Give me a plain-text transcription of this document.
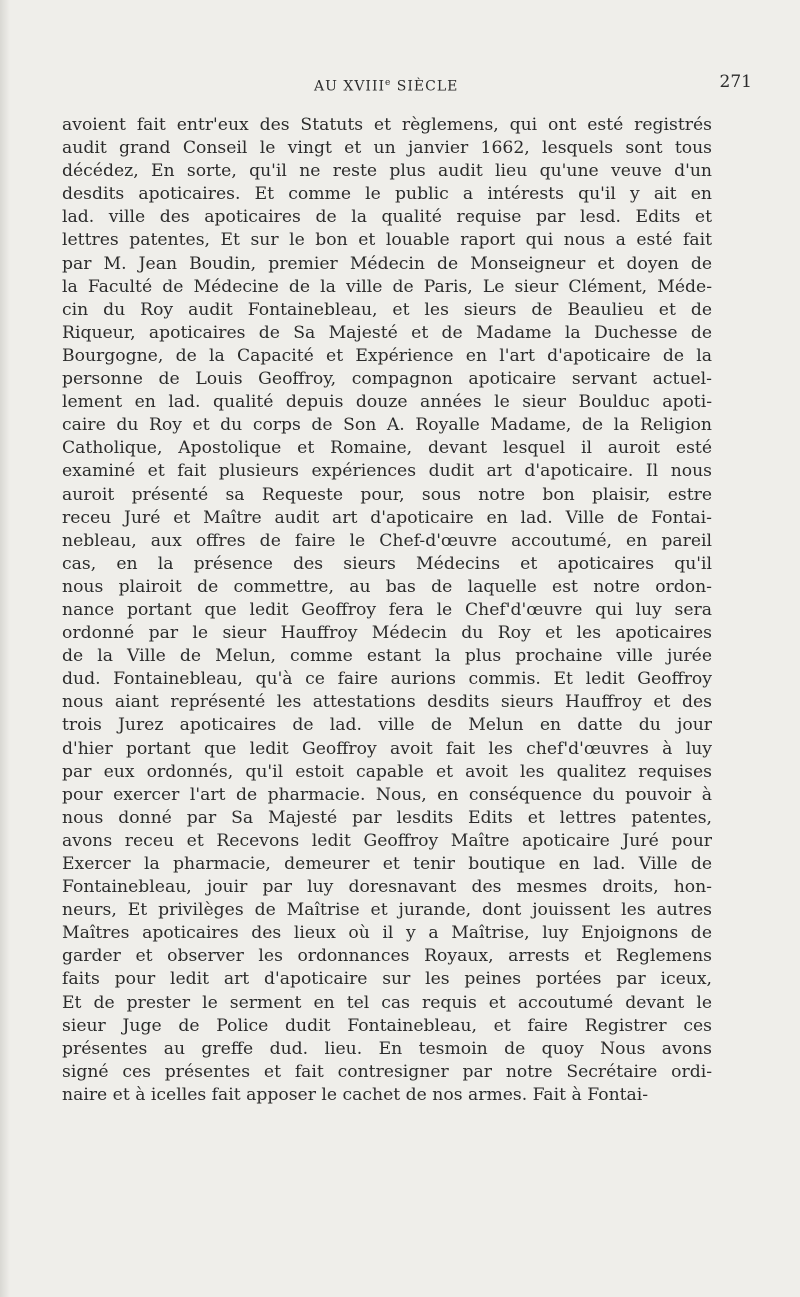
AU XVIIIe SIÈCLE	271
avoient fait entr'eux des Statuts et règlemens, qui ont esté registrés
audit grand Conseil le vingt et un janvier 1662, lesquels sont tous
décédez, En sorte, qu'il ne reste plus audit lieu qu'une veuve d'un
desdits apoticaires. Et comme le public a intérests qu'il y ait en
lad. ville des apoticaires de la qualité requise par lesd. Edits et
lettres patentes, Et sur le bon et louable raport qui nous a esté fait
par M. Jean Boudin, premier Médecin de Monseigneur et doyen de
la Faculté de Médecine de la ville de Paris, Le sieur Clément, Méde-
cin du Roy audit Fontainebleau, et les sieurs de Beaulieu et de
Riqueur, apoticaires de Sa Majesté et de Madame la Duchesse de
Bourgogne, de la Capacité et Expérience en l'art d'apoticaire de la
personne de Louis Geoffroy, compagnon apoticaire servant actuel-
lement en lad. qualité depuis douze années le sieur Boulduc apoti-
caire du Roy et du corps de Son A. Royalle Madame, de la Religion
Catholique, Apostolique et Romaine, devant lesquel il auroit esté
examiné et fait plusieurs expériences dudit art d'apoticaire. Il nous
auroit présenté sa Requeste pour, sous notre bon plaisir, estre
receu Juré et Maître audit art d'apoticaire en lad. Ville de Fontai-
nebleau, aux offres de faire le Chef-d'œuvre accoutumé, en pareil
cas, en la présence des sieurs Médecins et apoticaires qu'il
nous plairoit de commettre, au bas de laquelle est notre ordon-
nance portant que ledit Geoffroy fera le Chef'd'œuvre qui luy sera
ordonné par le sieur Hauffroy Médecin du Roy et les apoticaires
de la Ville de Melun, comme estant la plus prochaine ville jurée
dud. Fontainebleau, qu'à ce faire aurions commis. Et ledit Geoffroy
nous aiant représenté les attestations desdits sieurs Hauffroy et des
trois Jurez apoticaires de lad. ville de Melun en datte du jour
d'hier portant que ledit Geoffroy avoit fait les chef'd'œuvres à luy
par eux ordonnés, qu'il estoit capable et avoit les qualitez requises
pour exercer l'art de pharmacie. Nous, en conséquence du pouvoir à
nous donné par Sa Majesté par lesdits Edits et lettres patentes,
avons receu et Recevons ledit Geoffroy Maître apoticaire Juré pour
Exercer la pharmacie, demeurer et tenir boutique en lad. Ville de
Fontainebleau, jouir par luy doresnavant des mesmes droits, hon-
neurs, Et privilèges de Maîtrise et jurande, dont jouissent les autres
Maîtres apoticaires des lieux où il y a Maîtrise, luy Enjoignons de
garder et observer les ordonnances Royaux, arrests et Reglemens
faits pour ledit art d'apoticaire sur les peines portées par iceux,
Et de prester le serment en tel cas requis et accoutumé devant le
sieur Juge de Police dudit Fontainebleau, et faire Registrer ces
présentes au greffe dud. lieu. En tesmoin de quoy Nous avons
signé ces présentes et fait contresigner par notre Secrétaire ordi-
naire et à icelles fait apposer le cachet de nos armes. Fait à Fontai-
